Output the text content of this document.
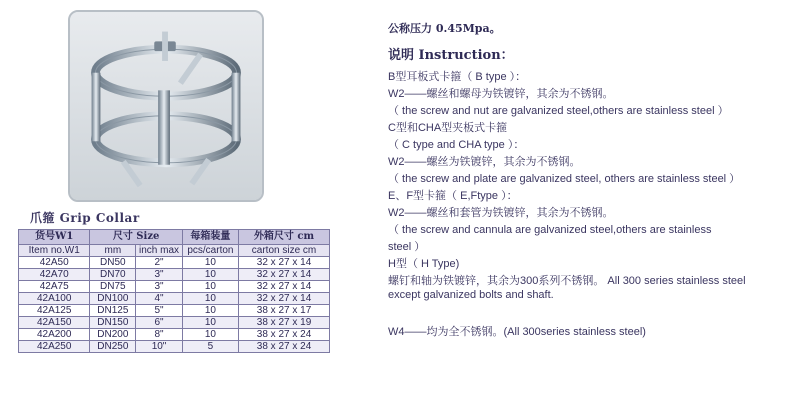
爪箍 Grip Collar
货号W1	尺寸 Size		每箱装量	外箱尺寸 cm
Item no.W1	mm	inch max	pcs/carton	carton size cm
42A50	DN50	2"	10	32 x 27 x 14
42A70	DN70	3"	10	32 x 27 x 14
42A75	DN75	3"	10	32 x 27 x 14
42A100	DN100	4"	10	32 x 27 x 14
42A125	DN125	5"	10	38 x 27 x 17
42A150	DN150	6"	10	38 x 27 x 19
42A200	DN200	8"	10	38 x 27 x 24
42A250	DN250	10"	5	38 x 27 x 24
公称压力 0.45Mpa。
说明 Instruction：
B型耳板式卡箍（ B type ）：
W2——螺丝和螺母为铁镀锌，其余为不锈钢。
（ the screw and nut are galvanized steel,others are stainless steel ）
C型和CHA型夹板式卡箍
（ C type and CHA type ）：
W2——螺丝为铁镀锌，其余为不锈钢。
（ the screw and plate are galvanized steel, others are stainless steel ）
E、F型卡箍（ E,Ftype ）：
W2——螺丝和套管为铁镀锌，其余为不锈钢。
（ the screw and cannula are galvanized steel,others are stainless
steel ）
H型（ H Type)
螺钉和轴为铁镀锌，其余为300系列不锈钢。 All 300 series stainless steel
except galvanized bolts and shaft.
W4——均为全不锈钢。(All 300series stainless steel)
